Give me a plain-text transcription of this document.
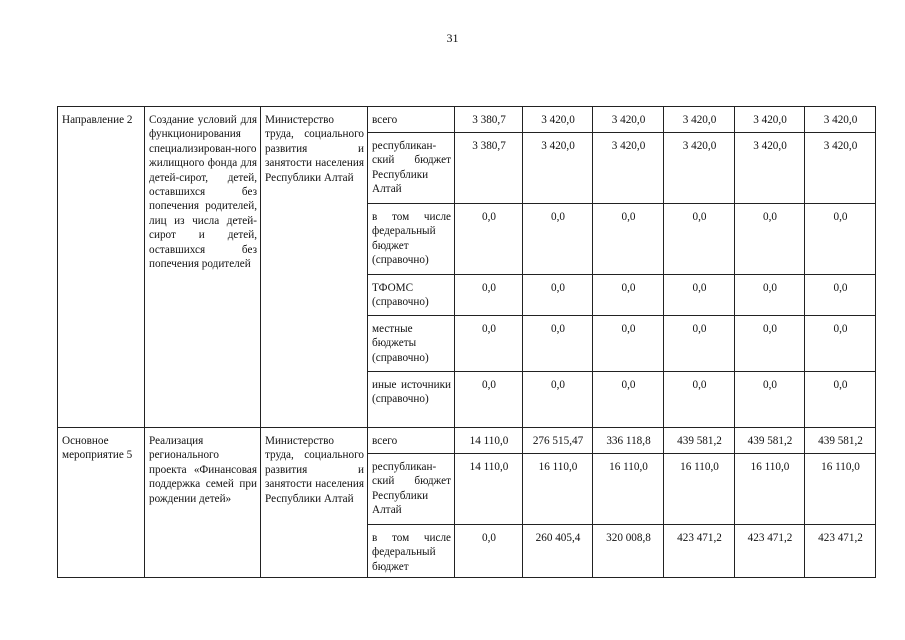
31
Направление 2	Создание условий для функционирования специализирован-ного жилищного фонда для детей-сирот, детей, оставшихся без попечения родителей, лиц из числа детей-сирот и детей, оставшихся без попечения родителей	Министерство труда, социального развития и занятости населения Республики Алтай	всего	3 380,7	3 420,0	3 420,0	3 420,0	3 420,0	3 420,0
			республикан-ский бюджет Республики Алтай	3 380,7	3 420,0	3 420,0	3 420,0	3 420,0	3 420,0
			в том числе федеральный бюджет (справочно)	0,0	0,0	0,0	0,0	0,0	0,0
			ТФОМС (справочно)	0,0	0,0	0,0	0,0	0,0	0,0
			местные бюджеты (справочно)	0,0	0,0	0,0	0,0	0,0	0,0
			иные источники (справочно)	0,0	0,0	0,0	0,0	0,0	0,0
Основное мероприятие 5	Реализация регионального проекта «Финансовая поддержка семей при рождении детей»	Министерство труда, социального развития и занятости населения Республики Алтай	всего	14 110,0	276 515,47	336 118,8	439 581,2	439 581,2	439 581,2
			республикан-ский бюджет Республики Алтай	14 110,0	16 110,0	16 110,0	16 110,0	16 110,0	16 110,0
			в том числе федеральный бюджет	0,0	260 405,4	320 008,8	423 471,2	423 471,2	423 471,2
